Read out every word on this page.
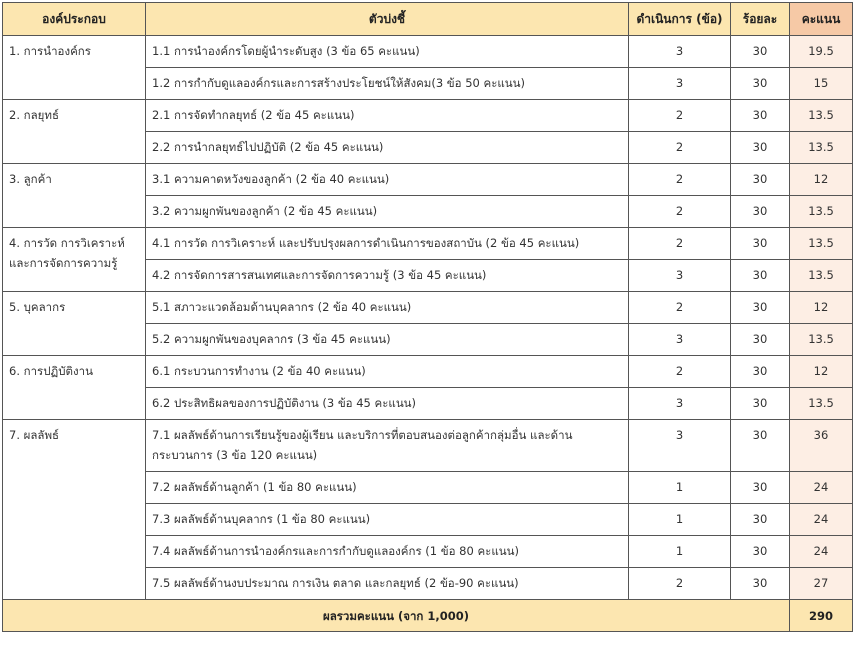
องค์ประกอบ	ตัวบ่งชี้	ดำเนินการ (ข้อ)	ร้อยละ	คะแนน
1. การนำองค์กร	1.1 การนำองค์กรโดยผู้นำระดับสูง (3 ข้อ 65 คะแนน)	3	30	19.5
	1.2 การกำกับดูแลองค์กรและการสร้างประโยชน์ให้สังคม(3 ข้อ 50 คะแนน)	3	30	15
2. กลยุทธ์	2.1 การจัดทำกลยุทธ์ (2 ข้อ 45 คะแนน)	2	30	13.5
	2.2 การนำกลยุทธ์ไปปฏิบัติ (2 ข้อ 45 คะแนน)	2	30	13.5
3. ลูกค้า	3.1 ความคาดหวังของลูกค้า (2 ข้อ 40 คะแนน)	2	30	12
	3.2 ความผูกพันของลูกค้า (2 ข้อ 45 คะแนน)	2	30	13.5
4. การวัด การวิเคราะห์ และการจัดการความรู้	4.1 การวัด การวิเคราะห์ และปรับปรุงผลการดำเนินการของสถาบัน (2 ข้อ 45 คะแนน)	2	30	13.5
	4.2 การจัดการสารสนเทศและการจัดการความรู้ (3 ข้อ 45 คะแนน)	3	30	13.5
5. บุคลากร	5.1 สภาวะแวดล้อมด้านบุคลากร (2 ข้อ 40 คะแนน)	2	30	12
	5.2 ความผูกพันของบุคลากร (3 ข้อ 45 คะแนน)	3	30	13.5
6. การปฏิบัติงาน	6.1 กระบวนการทำงาน (2 ข้อ 40 คะแนน)	2	30	12
	6.2 ประสิทธิผลของการปฏิบัติงาน (3 ข้อ 45 คะแนน)	3	30	13.5
7. ผลลัพธ์	7.1 ผลลัพธ์ด้านการเรียนรู้ของผู้เรียน และบริการที่ตอบสนองต่อลูกค้ากลุ่มอื่น และด้านกระบวนการ (3 ข้อ 120 คะแนน)	3	30	36
	7.2 ผลลัพธ์ด้านลูกค้า (1 ข้อ 80 คะแนน)	1	30	24
	7.3 ผลลัพธ์ด้านบุคลากร (1 ข้อ 80 คะแนน)	1	30	24
	7.4 ผลลัพธ์ด้านการนำองค์กรและการกำกับดูแลองค์กร (1 ข้อ 80 คะแนน)	1	30	24
	7.5 ผลลัพธ์ด้านงบประมาณ การเงิน ตลาด และกลยุทธ์ (2 ข้อ-90 คะแนน)	2	30	27
ผลรวมคะแนน (จาก 1,000)				290
